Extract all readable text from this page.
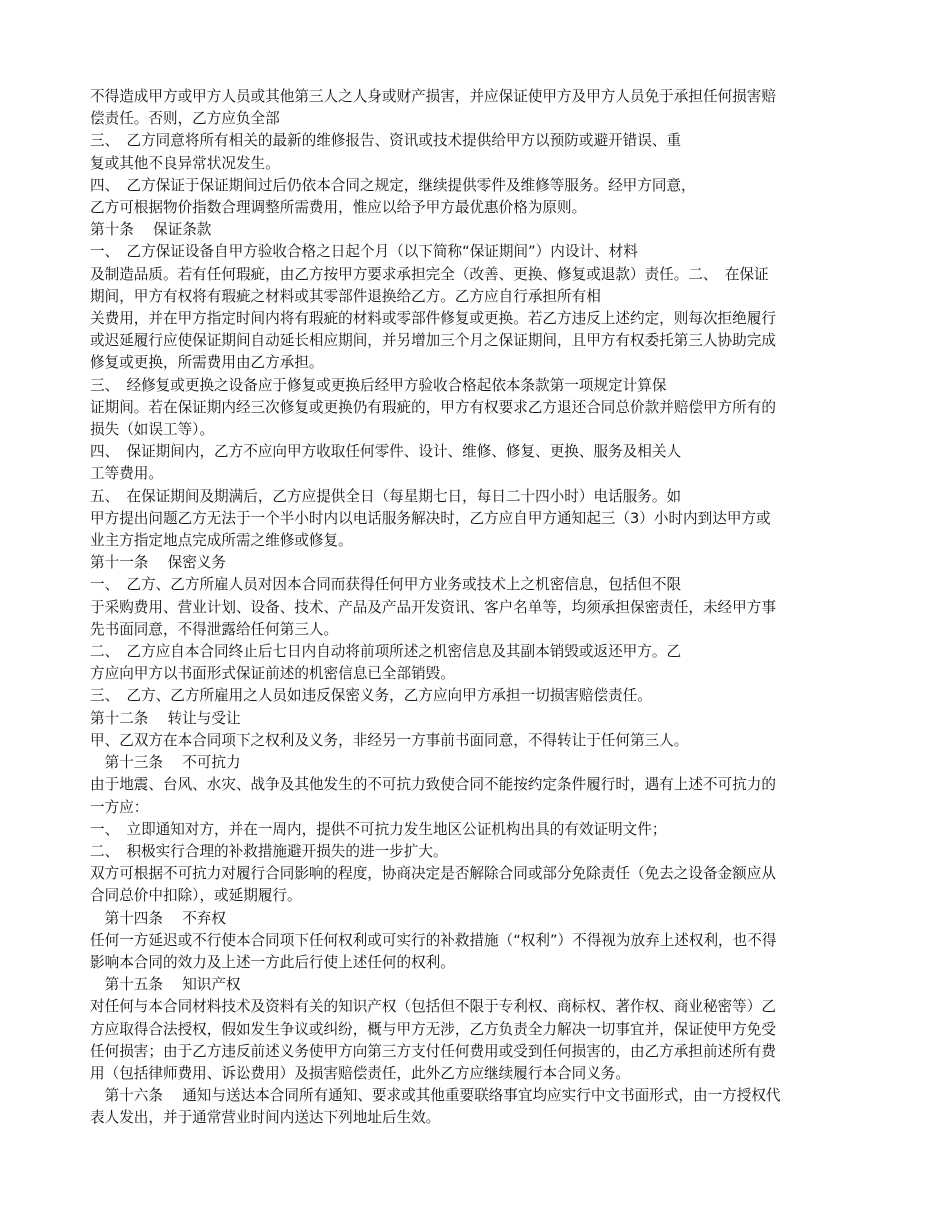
不得造成甲方或甲方人员或其他第三人之人身或财产损害，并应保证使甲方及甲方人员免于承担任何损害赔
偿责任。否则，乙方应负全部
三、　乙方同意将所有相关的最新的维修报告、资讯或技术提供给甲方以预防或避开错误、重
复或其他不良异常状况发生。
四、　乙方保证于保证期间过后仍依本合同之规定，继续提供零件及维修等服务。经甲方同意，
乙方可根据物价指数合理调整所需费用，惟应以给予甲方最优惠价格为原则。
第十条　 保证条款
一、　乙方保证设备自甲方验收合格之日起个月（以下简称“保证期间”）内设计、材料
及制造品质。若有任何瑕疵，由乙方按甲方要求承担完全（改善、更换、修复或退款）责任。二、　在保证
期间，甲方有权将有瑕疵之材料或其零部件退换给乙方。乙方应自行承担所有相
关费用，并在甲方指定时间内将有瑕疵的材料或零部件修复或更换。若乙方违反上述约定，则每次拒绝履行
或迟延履行应使保证期间自动延长相应期间，并另增加三个月之保证期间，且甲方有权委托第三人协助完成
修复或更换，所需费用由乙方承担。
三、　经修复或更换之设备应于修复或更换后经甲方验收合格起依本条款第一项规定计算保
证期间。若在保证期内经三次修复或更换仍有瑕疵的，甲方有权要求乙方退还合同总价款并赔偿甲方所有的
损失（如误工等）。
四、　保证期间内，乙方不应向甲方收取任何零件、设计、维修、修复、更换、服务及相关人
工等费用。
五、　在保证期间及期满后，乙方应提供全日（每星期七日，每日二十四小时）电话服务。如
甲方提出问题乙方无法于一个半小时内以电话服务解决时，乙方应自甲方通知起三（3）小时内到达甲方或
业主方指定地点完成所需之维修或修复。
第十一条　 保密义务
一、　乙方、乙方所雇人员对因本合同而获得任何甲方业务或技术上之机密信息，包括但不限
于采购费用、营业计划、设备、技术、产品及产品开发资讯、客户名单等，均须承担保密责任，未经甲方事
先书面同意，不得泄露给任何第三人。
二、　乙方应自本合同终止后七日内自动将前项所述之机密信息及其副本销毁或返还甲方。乙
方应向甲方以书面形式保证前述的机密信息已全部销毁。
三、　乙方、乙方所雇用之人员如违反保密义务，乙方应向甲方承担一切损害赔偿责任。
第十二条　 转让与受让
甲、乙双方在本合同项下之权利及义务，非经另一方事前书面同意，不得转让于任何第三人。
　第十三条　 不可抗力
由于地震、台风、水灾、战争及其他发生的不可抗力致使合同不能按约定条件履行时，遇有上述不可抗力的
一方应：
一、　立即通知对方，并在一周内，提供不可抗力发生地区公证机构出具的有效证明文件；
二、　积极实行合理的补救措施避开损失的进一步扩大。
双方可根据不可抗力对履行合同影响的程度，协商决定是否解除合同或部分免除责任（免去之设备金额应从
合同总价中扣除），或延期履行。
　第十四条　 不弃权
任何一方延迟或不行使本合同项下任何权利或可实行的补救措施（“权利”）不得视为放弃上述权利，也不得
影响本合同的效力及上述一方此后行使上述任何的权利。
　第十五条　 知识产权
对任何与本合同材料技术及资料有关的知识产权（包括但不限于专利权、商标权、著作权、商业秘密等）乙
方应取得合法授权，假如发生争议或纠纷，概与甲方无涉，乙方负责全力解决一切事宜并，保证使甲方免受
任何损害；由于乙方违反前述义务使甲方向第三方支付任何费用或受到任何损害的，由乙方承担前述所有费
用（包括律师费用、诉讼费用）及损害赔偿责任，此外乙方应继续履行本合同义务。
　第十六条　 通知与送达本合同所有通知、要求或其他重要联络事宜均应实行中文书面形式，由一方授权代
表人发出，并于通常营业时间内送达下列地址后生效。
